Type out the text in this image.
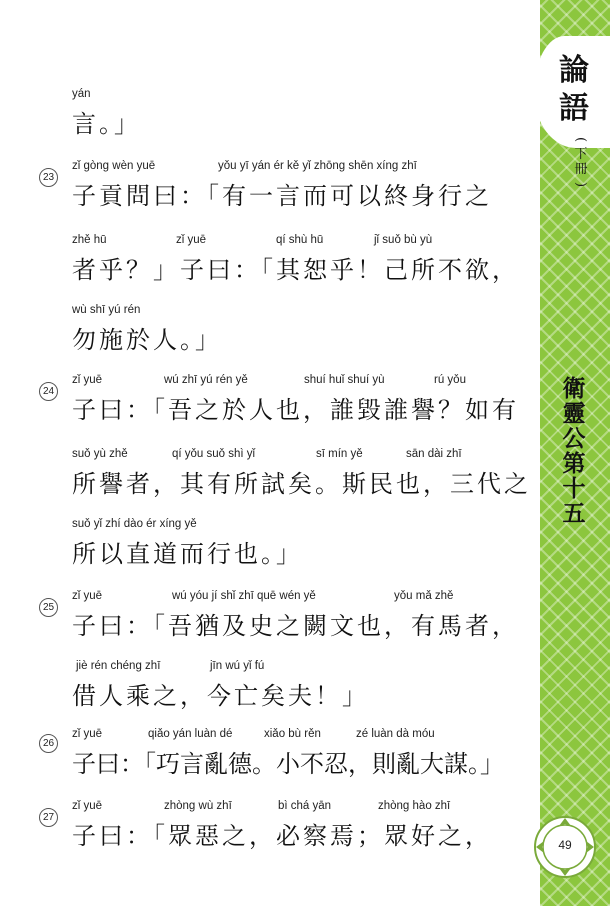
論
語
(
下
冊
)
衛
靈
公
第
十
五
49
yán
言。」
23
zǐ gòng wèn yuē	yǒu yī yán ér kě yǐ zhōng shēn xíng zhī
子貢問曰：「有一言而可以終身行之
zhě hū	zǐ yuē	qí shù hū	jǐ suǒ bù yù
者乎？」子曰：「其恕乎！己所不欲，
wù shī yú rén
勿施於人。」
24
zǐ yuē	wú zhī yú rén yě	shuí huǐ shuí yù	rú yǒu
子曰：「吾之於人也，誰毀誰譽？如有
suǒ yù zhě	qí yǒu suǒ shì yǐ	sī mín yě	sān dài zhī
所譽者，其有所試矣。斯民也，三代之
suǒ yǐ zhí dào ér xíng yě
所以直道而行也。」
25
zǐ yuē	wú yóu jí shǐ zhī quē wén yě	yǒu mǎ zhě
子曰：「吾猶及史之闕文也，有馬者，
jiè rén chéng zhī	jīn wú yǐ fú
借人乘之，今亡矣夫！」
26
zǐ yuē	qiǎo yán luàn dé	xiǎo bù rěn	zé luàn dà móu
子曰：「巧言亂德。小不忍，則亂大謀。」
27
zǐ yuē	zhòng wù zhī	bì chá yān	zhòng hào zhī
子曰：「眾惡之，必察焉；眾好之，
